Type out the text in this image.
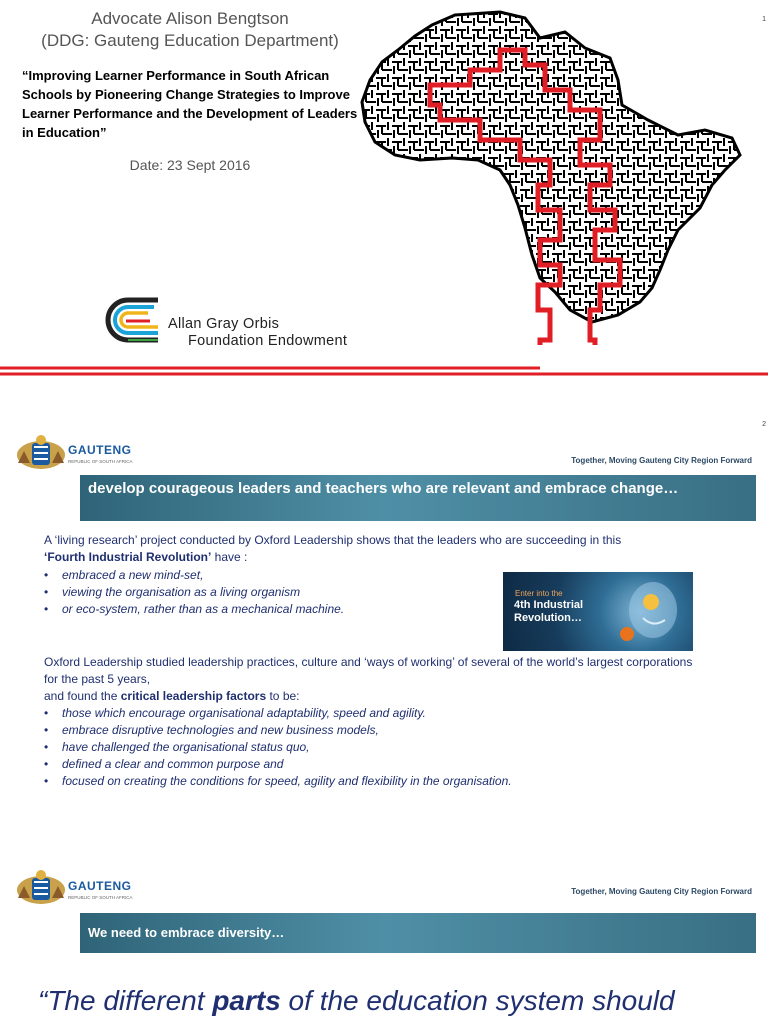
Advocate Alison Bengtson
(DDG: Gauteng Education Department)
“Improving Learner Performance in South African Schools by Pioneering Change Strategies to Improve Learner Performance and the Development of Leaders in Education”
Date: 23 Sept 2016
Allan Gray Orbis
Foundation Endowment
1
2
GAUTENG
REPUBLIC OF SOUTH AFRICA	Together, Moving Gauteng City Region Forward
develop courageous leaders and teachers who are relevant and embrace change…
A ‘living research’ project conducted by Oxford Leadership shows that the leaders who are succeeding in this
‘Fourth Industrial Revolution’ have :
• embraced a new mind-set,
• viewing the organisation as a living organism
• or eco-system, rather than as a mechanical machine.
Enter into the
4th Industrial
Revolution…
Oxford Leadership studied leadership practices, culture and ‘ways of working’ of several of the world’s largest corporations for the past 5 years,
and found the critical leadership factors to be:
• those which encourage organisational adaptability, speed and agility.
• embrace disruptive technologies and new business models,
• have challenged the organisational status quo,
• defined a clear and common purpose and
• focused on creating the conditions for speed, agility and flexibility in the organisation.
GAUTENG
REPUBLIC OF SOUTH AFRICA
Together, Moving Gauteng City Region Forward
We need to embrace diversity…
“The different parts of the education system should
